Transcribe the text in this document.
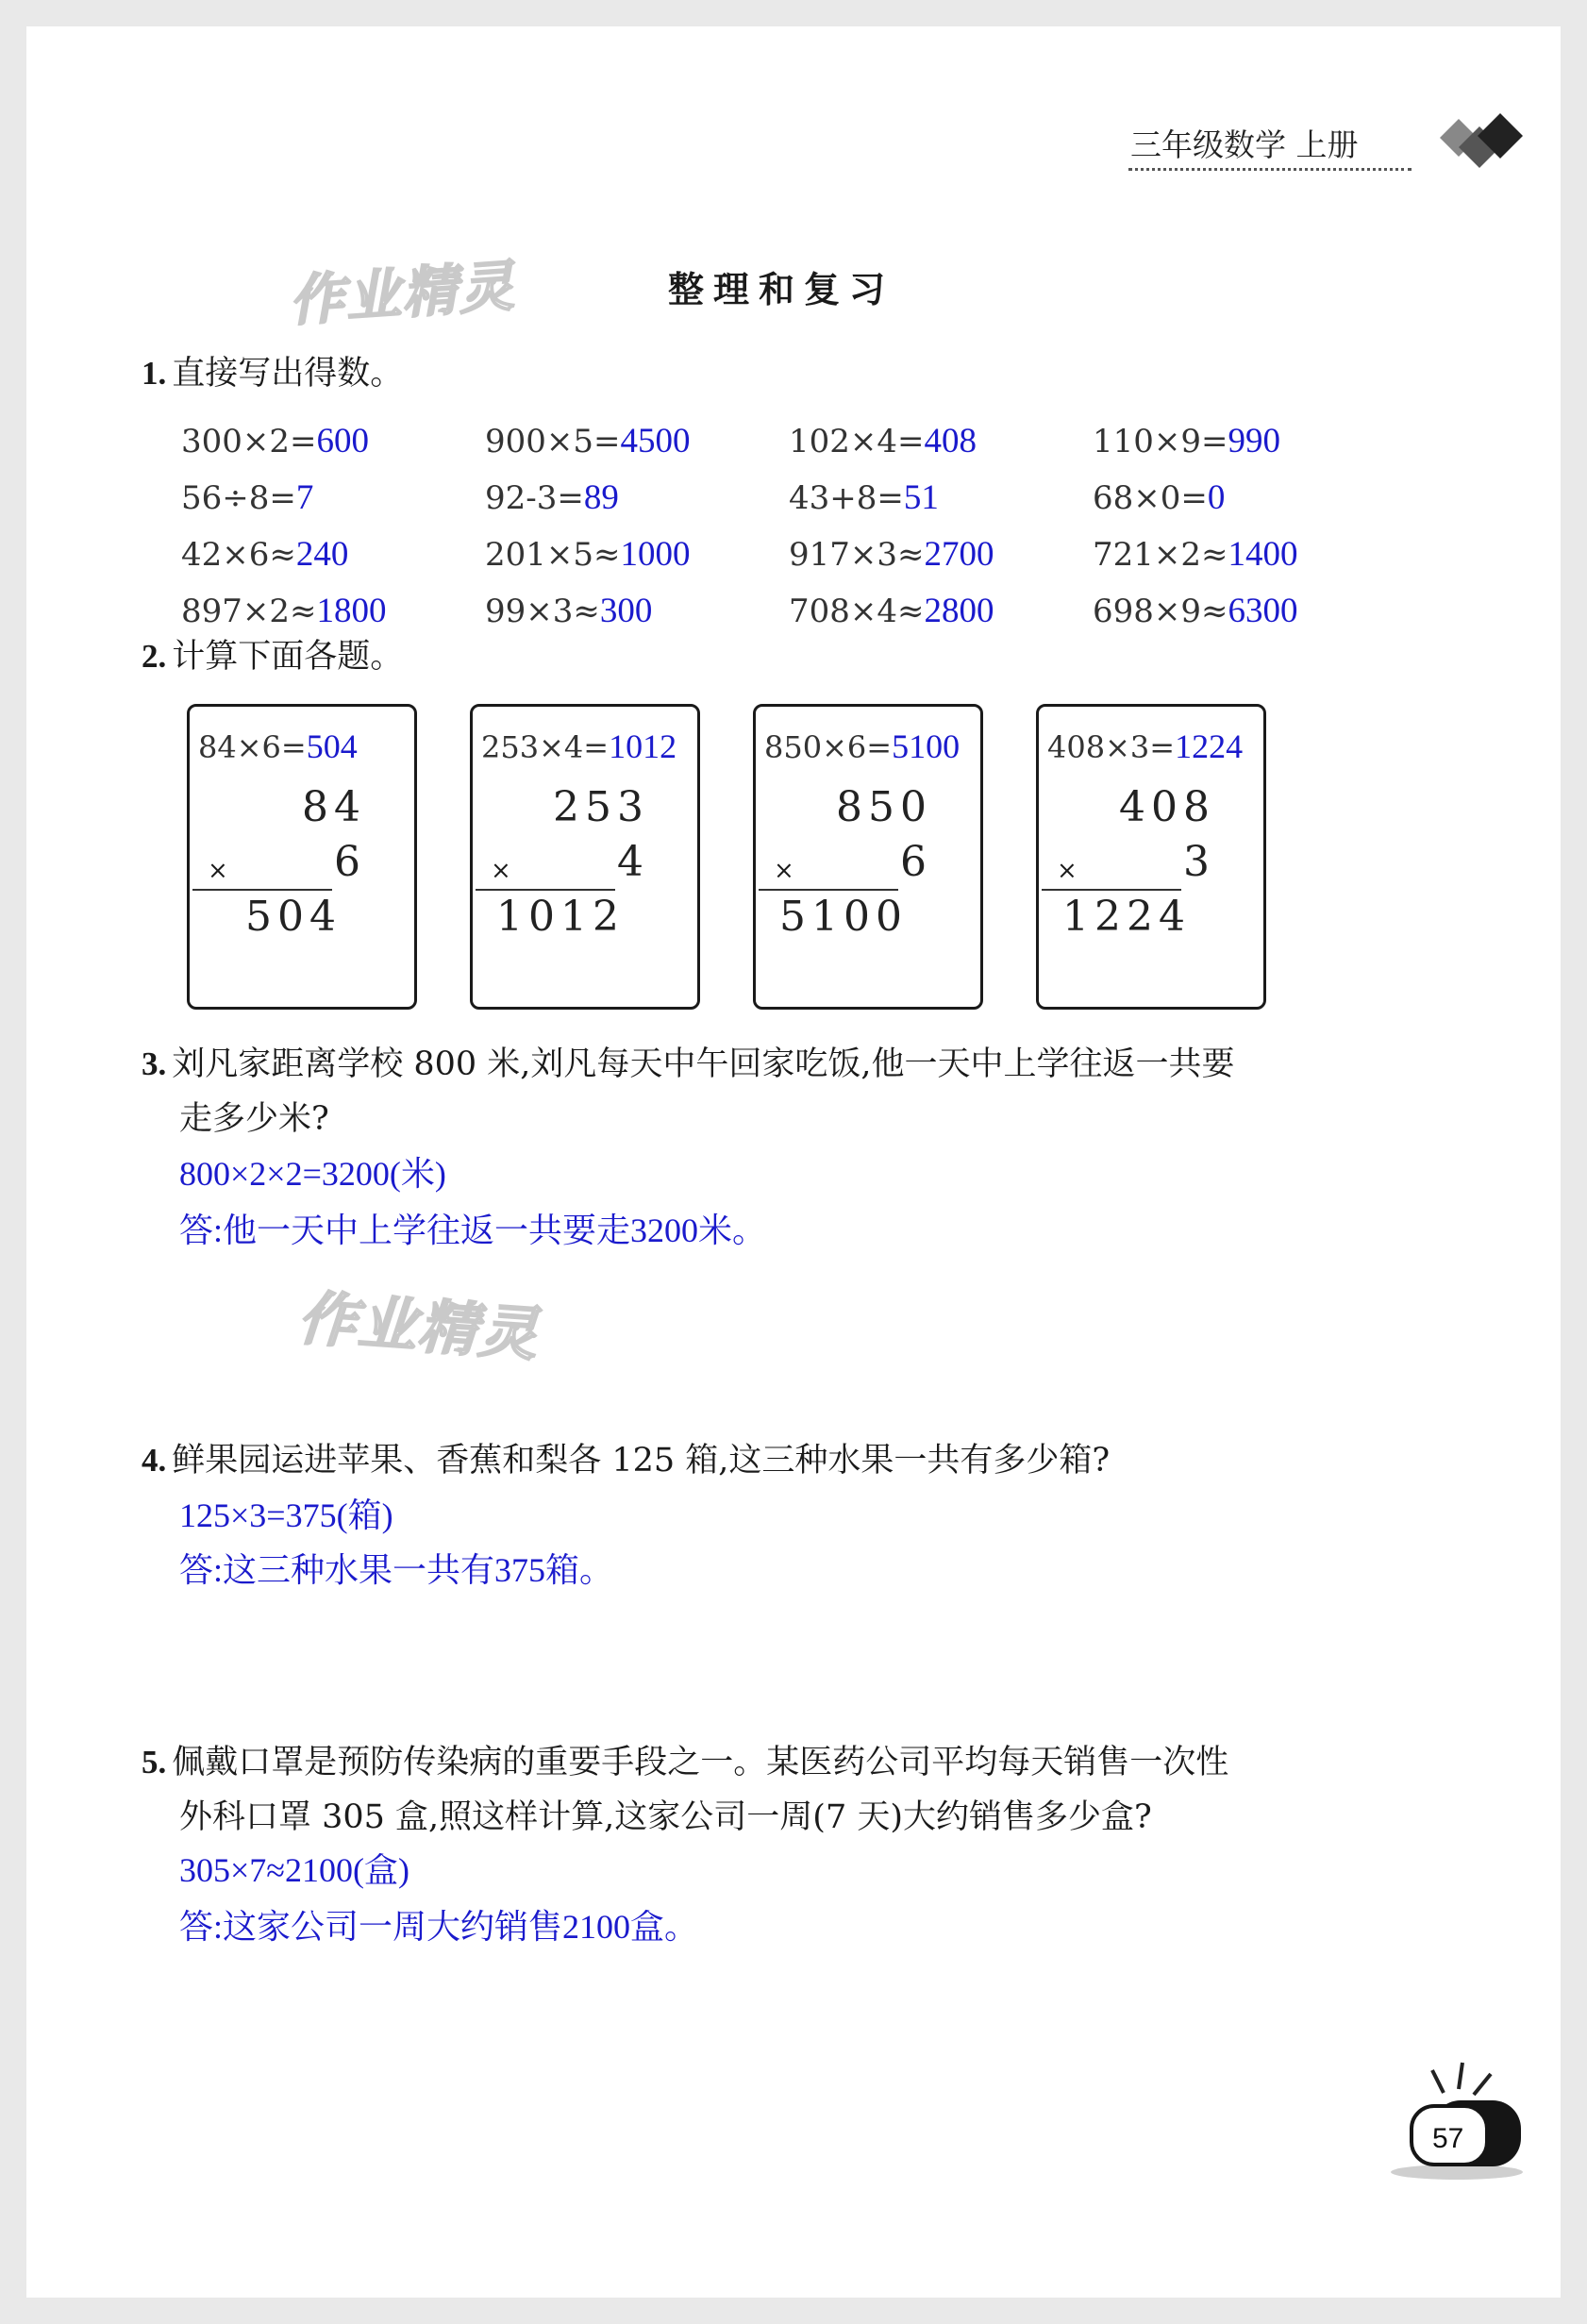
三年级数学 上册
作业精灵
作业精灵
整理和复习
1. 直接写出得数。
300×2=600	900×5=4500	102×4=408	110×9=990
56÷8=7	92-3=89	43+8=51	68×0=0
42×6≈240	201×5≈1000	917×3≈2700	721×2≈1400
897×2≈1800	99×3≈300	708×4≈2800	698×9≈6300
2. 计算下面各题。
84×6=504
84
6
×
504
253×4=1012
253
4
×
1012
850×6=5100
850
6
×
5100
408×3=1224
408
3
×
1224
3. 刘凡家距离学校 800 米,刘凡每天中午回家吃饭,他一天中上学往返一共要
走多少米?
800×2×2=3200(米)
答:他一天中上学往返一共要走3200米。
4. 鲜果园运进苹果、香蕉和梨各 125 箱,这三种水果一共有多少箱?
125×3=375(箱)
答:这三种水果一共有375箱。
5. 佩戴口罩是预防传染病的重要手段之一。某医药公司平均每天销售一次性
外科口罩 305 盒,照这样计算,这家公司一周(7 天)大约销售多少盒?
305×7≈2100(盒)
答:这家公司一周大约销售2100盒。
57
